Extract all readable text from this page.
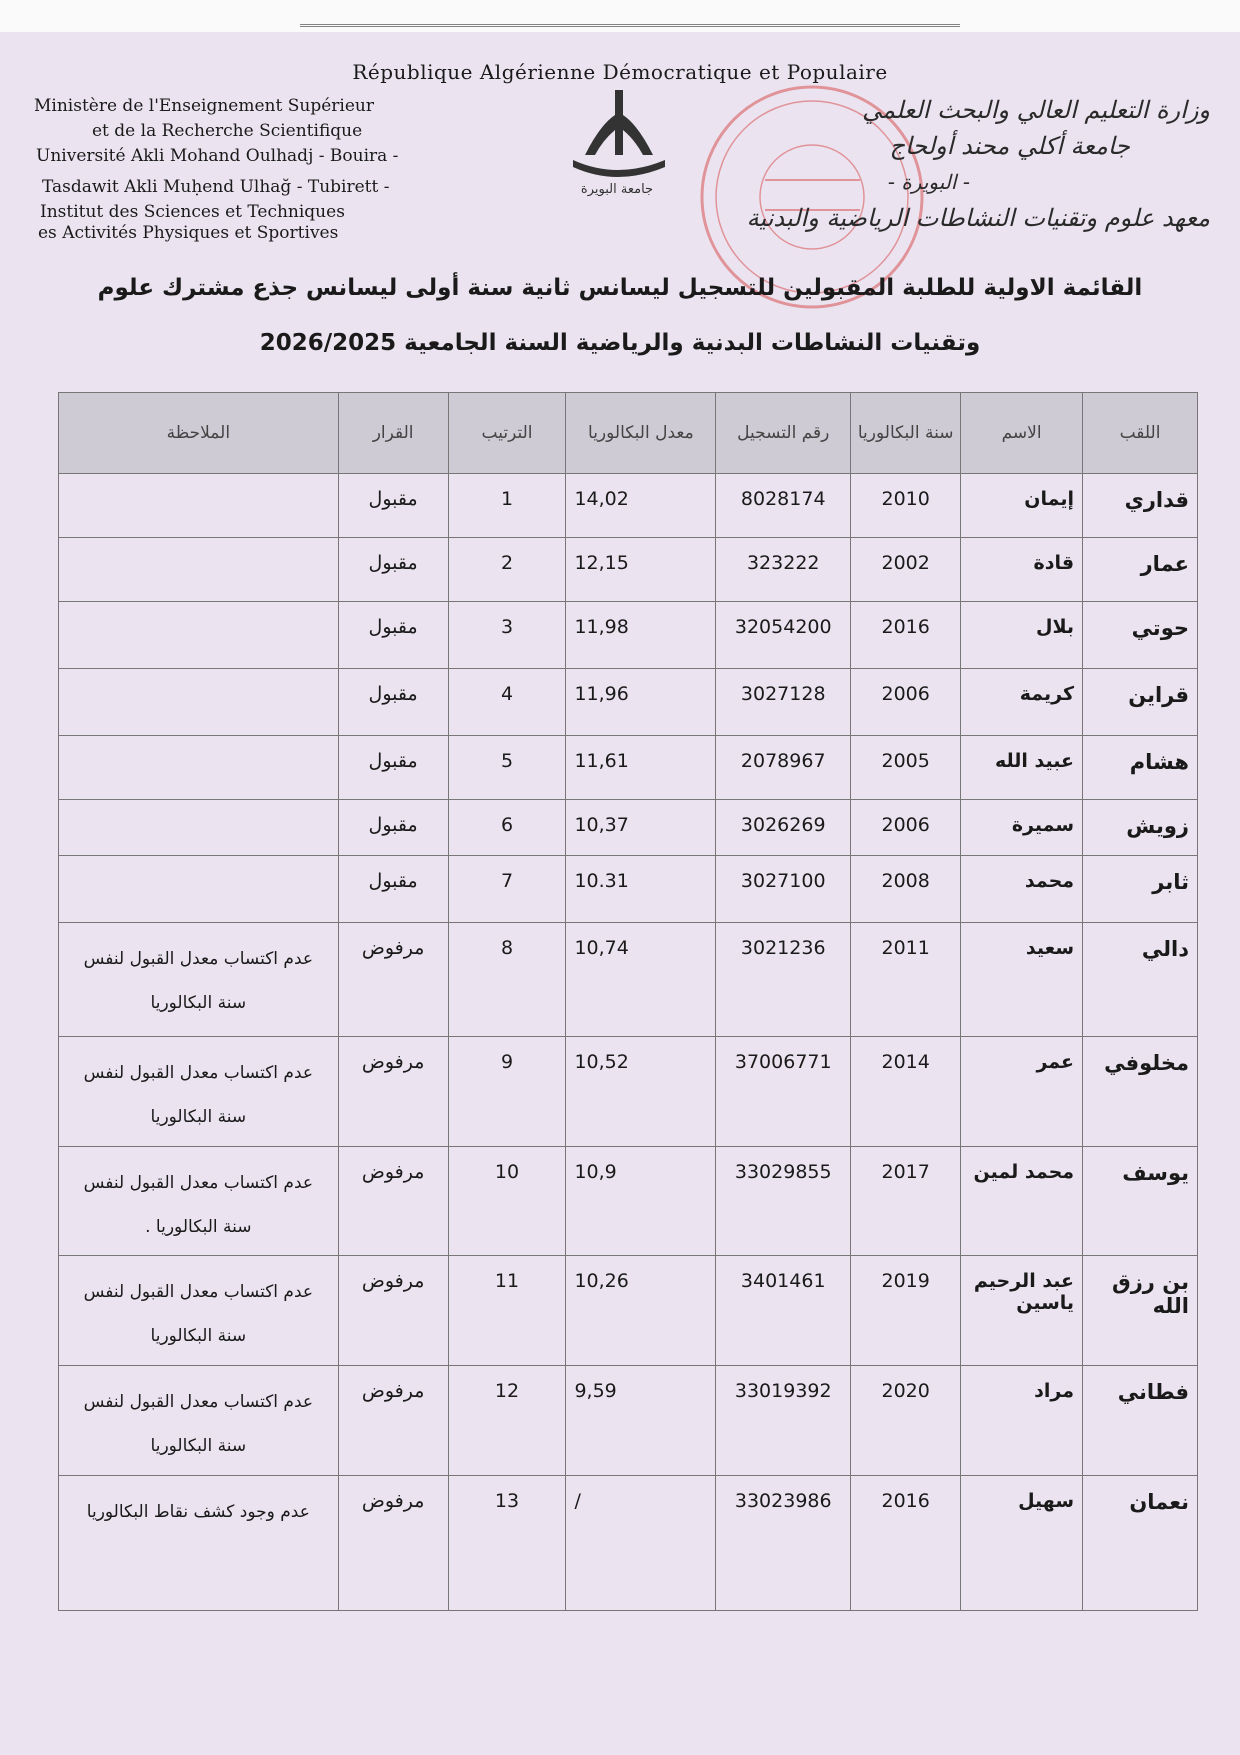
République Algérienne Démocratique et Populaire
Ministère de l'Enseignement Supérieur
et de la Recherche Scientifique
Université Akli Mohand Oulhadj - Bouira -
Tasdawit Akli Muḥend Ulhağ - Tubirett -
Institut des Sciences et Techniques
es Activités Physiques et Sportives
جامعة البويرة
وزارة التعليم العالي والبحث العلمي
جامعة أكلي محند أولحاج
- البويرة -
معهد علوم وتقنيات النشاطات الرياضية والبدنية
القائمة الاولية للطلبة المقبولين للتسجيل ليسانس ثانية سنة أولى ليسانس جذع مشترك علوم
وتقنيات النشاطات البدنية والرياضية السنة الجامعية 2026/2025
اللقب	الاسم	سنة البكالوريا	رقم التسجيل	معدل البكالوريا	الترتيب	القرار	الملاحظة
قداري	إيمان	2010	8028174	14,02	1	مقبول	
عمار	قادة	2002	323222	12,15	2	مقبول	
حوتي	بلال	2016	32054200	11,98	3	مقبول	
قراين	كريمة	2006	3027128	11,96	4	مقبول	
هشام	عبيد الله	2005	2078967	11,61	5	مقبول	
زويش	سميرة	2006	3026269	10,37	6	مقبول	
ثابر	محمد	2008	3027100	10.31	7	مقبول	
دالي	سعيد	2011	3021236	10,74	8	مرفوض	عدم اكتساب معدل القبول لنفس سنة البكالوريا
مخلوفي	عمر	2014	37006771	10,52	9	مرفوض	عدم اكتساب معدل القبول لنفس سنة البكالوريا
يوسف	محمد لمين	2017	33029855	10,9	10	مرفوض	عدم اكتساب معدل القبول لنفس سنة البكالوريا .
بن رزق الله	عبد الرحيم ياسين	2019	3401461	10,26	11	مرفوض	عدم اكتساب معدل القبول لنفس سنة البكالوريا
فطاني	مراد	2020	33019392	9,59	12	مرفوض	عدم اكتساب معدل القبول لنفس سنة البكالوريا
نعمان	سهيل	2016	33023986	/	13	مرفوض	عدم وجود كشف نقاط البكالوريا
